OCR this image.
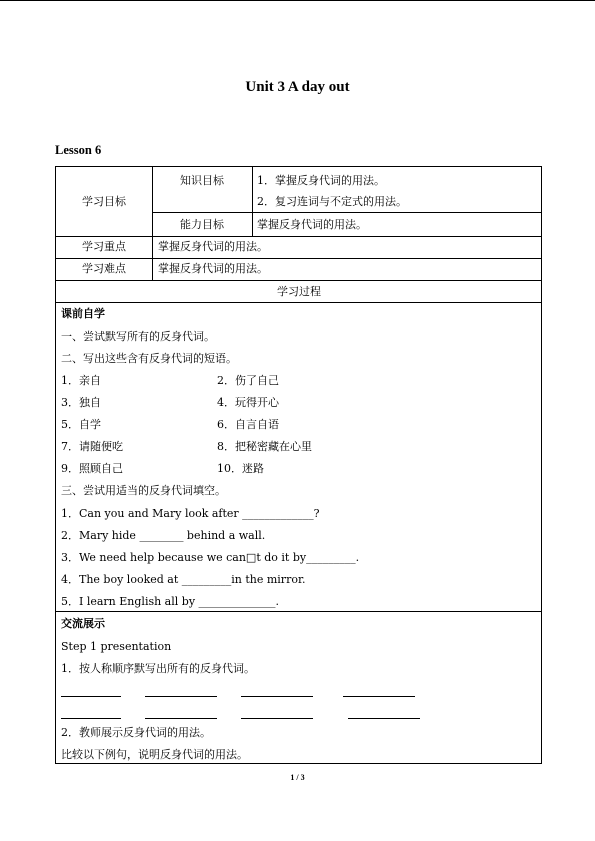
Unit 3 A day out
Lesson 6
学习目标
知识目标	1．掌握反身代词的用法。
2．复习连词与不定式的用法。
能力目标	掌握反身代词的用法。
学习重点	掌握反身代词的用法。
学习难点	掌握反身代词的用法。
学习过程
课前自学
一、尝试默写所有的反身代词。
二、写出这些含有反身代词的短语。
1．亲自	2．伤了自己
3．独自	4．玩得开心
5．自学	6．自言自语
7．请随便吃	8．把秘密藏在心里
9．照顾自己	10．迷路
三、尝试用适当的反身代词填空。
1．Can you and Mary look after _____________?
2．Mary hide ________ behind a wall.
3．We need help because we can□t do it by_________.
4．The boy looked at _________in the mirror.
5．I learn English all by ______________.
交流展示
Step 1 presentation
1．按人称顺序默写出所有的反身代词。
2．教师展示反身代词的用法。
比较以下例句，说明反身代词的用法。
1 / 3
